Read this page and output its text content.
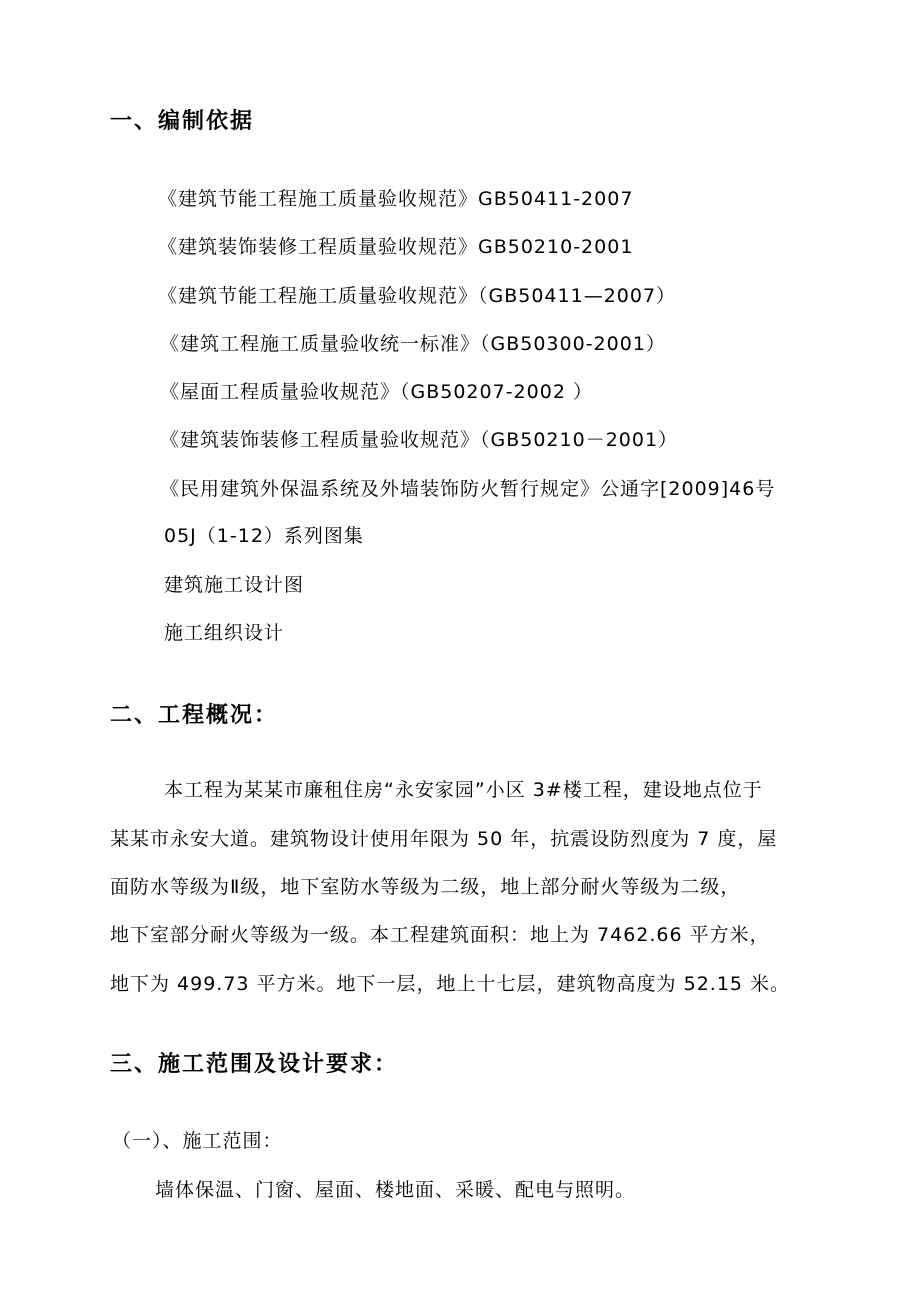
一、编制依据
《建筑节能工程施工质量验收规范》GB50411-2007
《建筑装饰装修工程质量验收规范》GB50210-2001
《建筑节能工程施工质量验收规范》（GB50411—2007）
《建筑工程施工质量验收统一标准》（GB50300-2001）
《屋面工程质量验收规范》（GB50207-2002 ）
《建筑装饰装修工程质量验收规范》（GB50210－2001）
《民用建筑外保温系统及外墙装饰防火暂行规定》公通字[2009]46号
05J（1-12）系列图集
建筑施工设计图
施工组织设计
二、工程概况：
本工程为某某市廉租住房“永安家园”小区 3#楼工程，建设地点位于
某某市永安大道。建筑物设计使用年限为 50 年，抗震设防烈度为 7 度，屋
面防水等级为Ⅱ级，地下室防水等级为二级，地上部分耐火等级为二级，
地下室部分耐火等级为一级。本工程建筑面积：地上为 7462.66 平方米，
地下为 499.73 平方米。地下一层，地上十七层，建筑物高度为 52.15 米。
三、施工范围及设计要求：
（一）、施工范围：
墙体保温、门窗、屋面、楼地面、采暖、配电与照明。
